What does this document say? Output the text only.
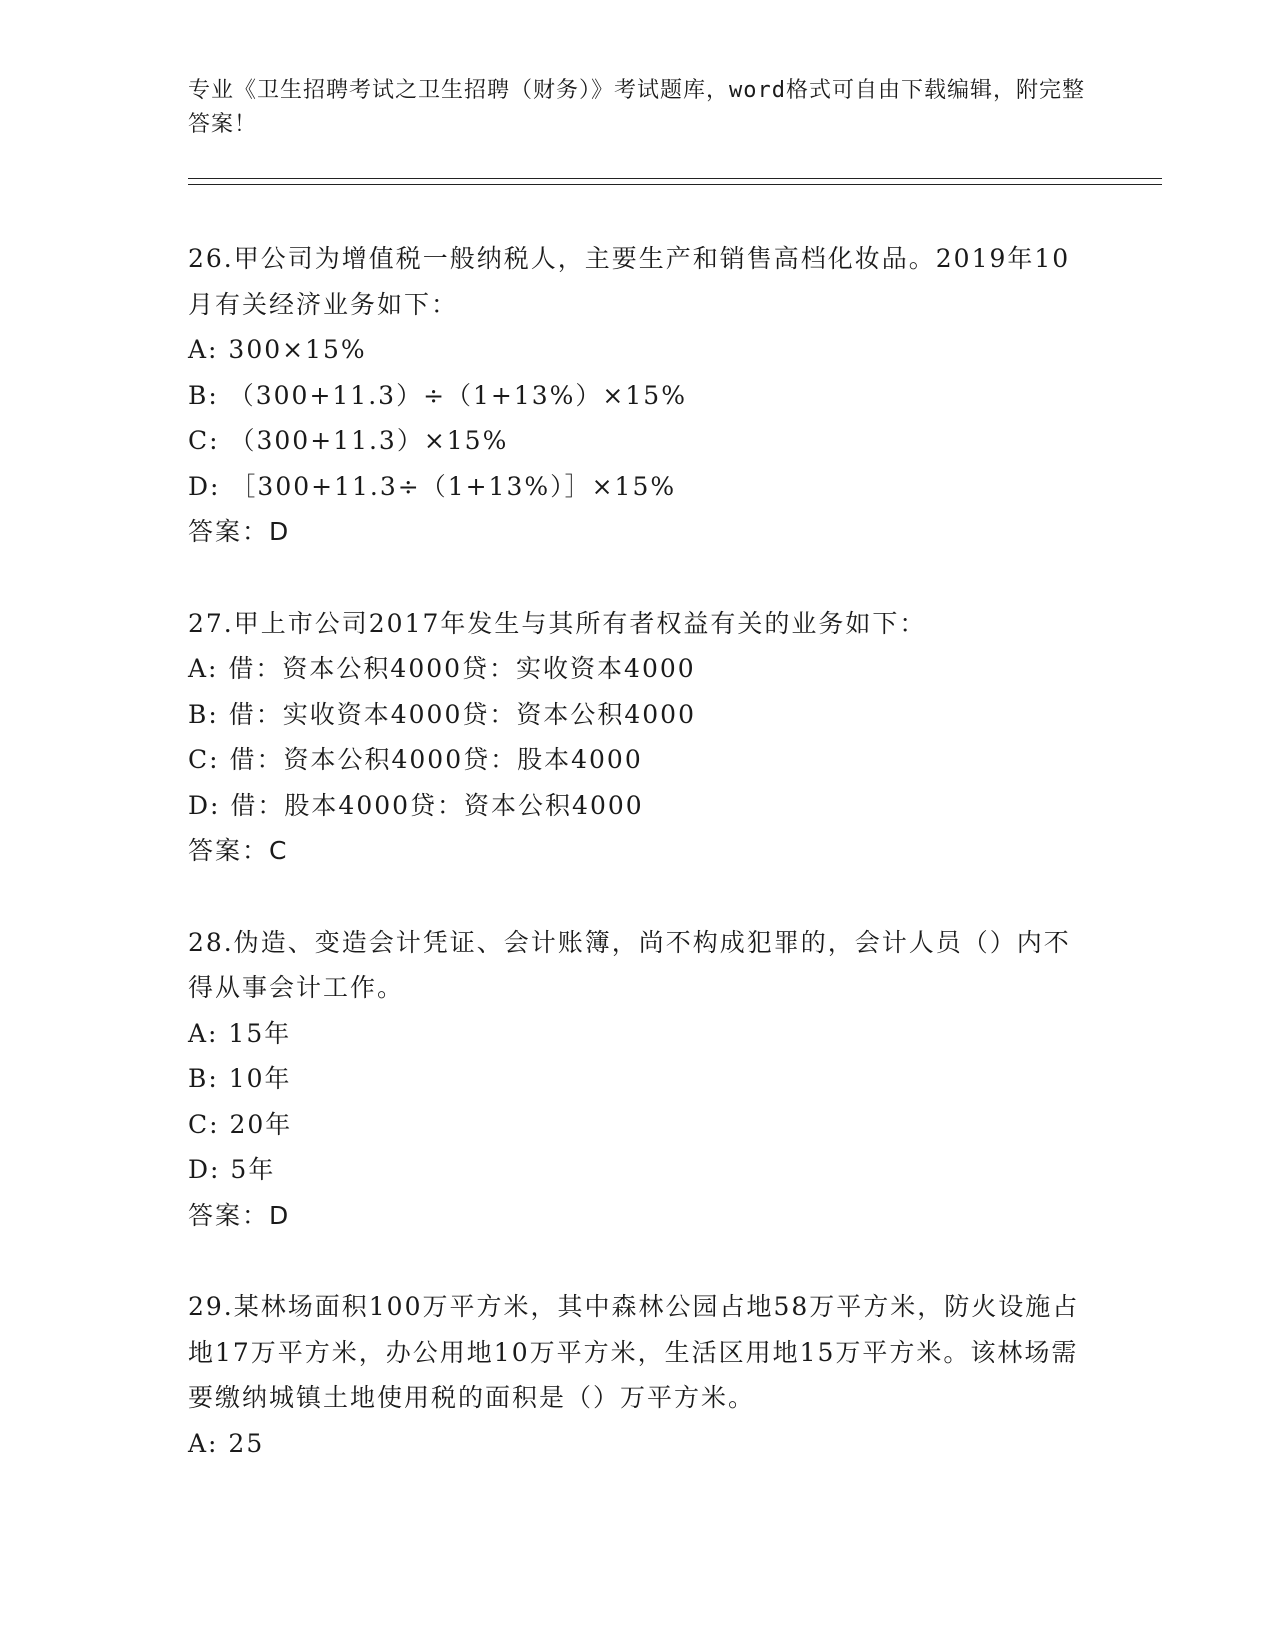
专业《卫生招聘考试之卫生招聘（财务）》考试题库，word格式可自由下载编辑，附完整答案！

26.甲公司为增值税一般纳税人，主要生产和销售高档化妆品。2019年10月有关经济业务如下：

A: 300×15%

B: （300+11.3）÷（1+13%）×15%

C: （300+11.3）×15%

D: ［300+11.3÷（1+13%）］×15%

答案：D

27.甲上市公司2017年发生与其所有者权益有关的业务如下：

A: 借：资本公积4000贷：实收资本4000

B: 借：实收资本4000贷：资本公积4000

C: 借：资本公积4000贷：股本4000

D: 借：股本4000贷：资本公积4000

答案：C

28.伪造、变造会计凭证、会计账簿，尚不构成犯罪的，会计人员（）内不得从事会计工作。

A: 15年

B: 10年

C: 20年

D: 5年

答案：D

29.某林场面积100万平方米，其中森林公园占地58万平方米，防火设施占地17万平方米，办公用地10万平方米，生活区用地15万平方米。该林场需要缴纳城镇土地使用税的面积是（）万平方米。

A: 25
